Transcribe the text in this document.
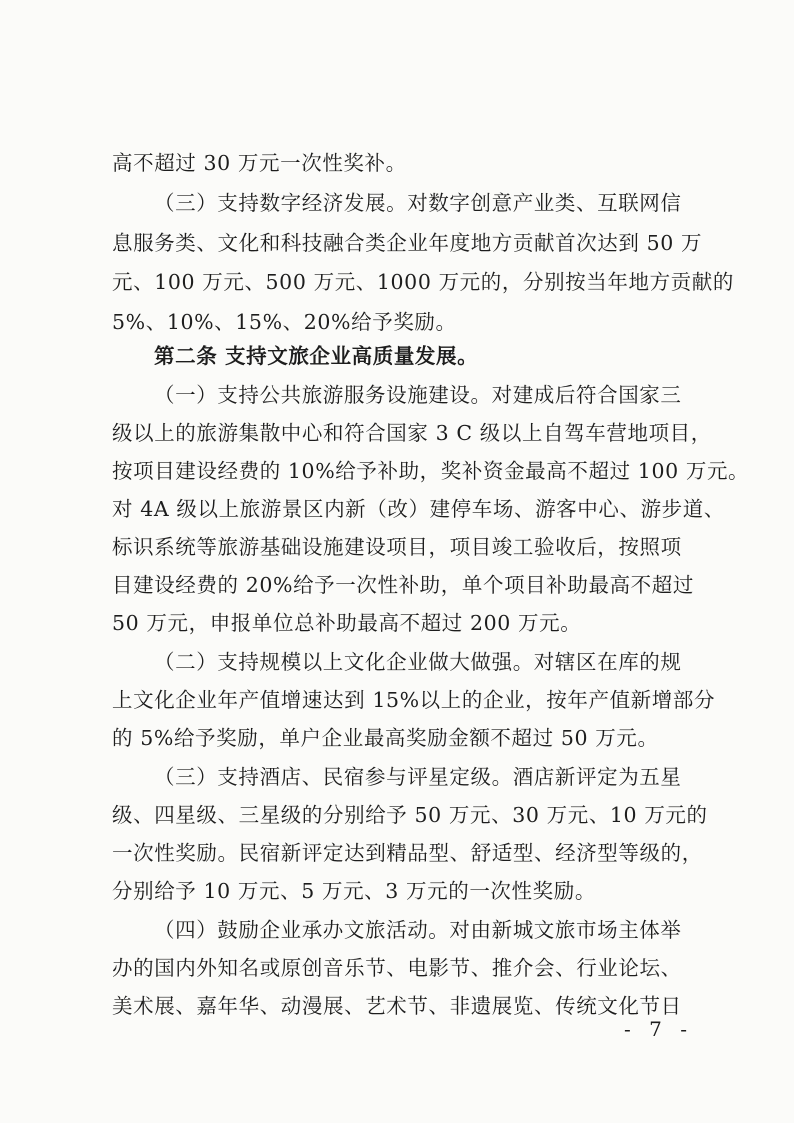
高不超过 30 万元一次性奖补。
（三）支持数字经济发展。对数字创意产业类、互联网信
息服务类、文化和科技融合类企业年度地方贡献首次达到 50 万
元、100 万元、500 万元、1000 万元的，分别按当年地方贡献的
5%、10%、15%、20%给予奖励。
第二条 支持文旅企业高质量发展。
（一）支持公共旅游服务设施建设。对建成后符合国家三
级以上的旅游集散中心和符合国家 3 C 级以上自驾车营地项目，
按项目建设经费的 10%给予补助，奖补资金最高不超过 100 万元。
对 4A 级以上旅游景区内新（改）建停车场、游客中心、游步道、
标识系统等旅游基础设施建设项目，项目竣工验收后，按照项
目建设经费的 20%给予一次性补助，单个项目补助最高不超过
50 万元，申报单位总补助最高不超过 200 万元。
（二）支持规模以上文化企业做大做强。对辖区在库的规
上文化企业年产值增速达到 15%以上的企业，按年产值新增部分
的 5%给予奖励，单户企业最高奖励金额不超过 50 万元。
（三）支持酒店、民宿参与评星定级。酒店新评定为五星
级、四星级、三星级的分别给予 50 万元、30 万元、10 万元的
一次性奖励。民宿新评定达到精品型、舒适型、经济型等级的，
分别给予 10 万元、5 万元、3 万元的一次性奖励。
（四）鼓励企业承办文旅活动。对由新城文旅市场主体举
办的国内外知名或原创音乐节、电影节、推介会、行业论坛、
美术展、嘉年华、动漫展、艺术节、非遗展览、传统文化节日
- 7 -
